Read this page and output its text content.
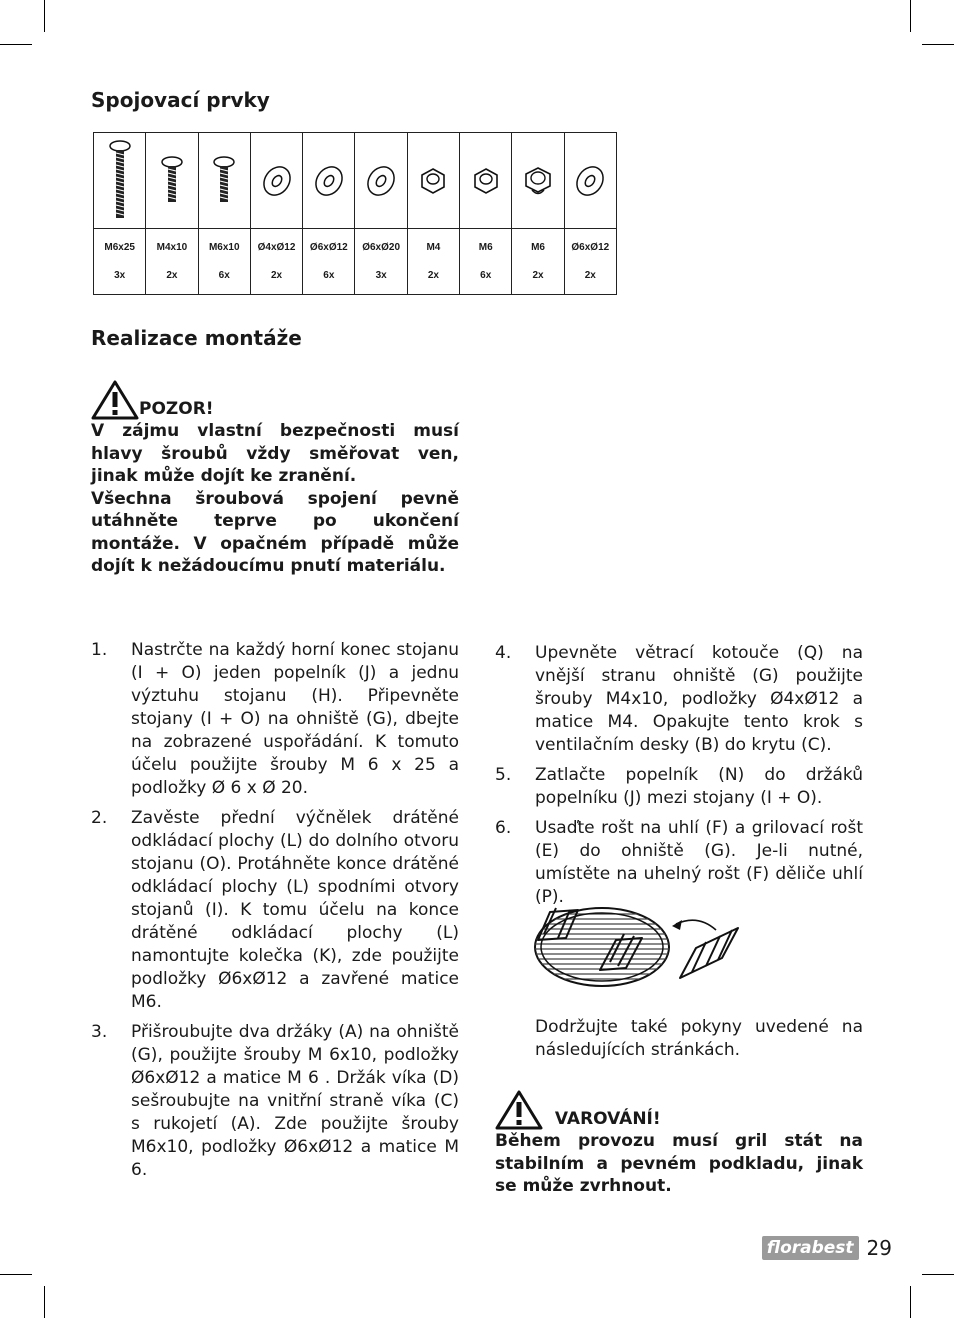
Spojovací prvky
M6x25
3x
M4x10
2x
M6x10
6x
Ø4xØ12
2x
Ø6xØ12
6x
Ø6xØ20
3x
M4
2x
M6
6x
M6
2x
Ø6xØ12
2x
Realizace montáže
POZOR!

V zájmu vlastní bezpečnosti musí hlavy šroubů vždy směřovat ven, jinak může dojít ke zranění.

Všechna šroubová spojení pevně utáhněte teprve po ukončení montáže. V opačném případě může dojít k nežádoucímu pnutí materiálu.

1. Nastrčte na každý horní konec stojanu (I + O) jeden popelník (J) a jednu výztuhu stojanu (H). Připevněte stojany (I + O) na ohniště (G), dbejte na zobrazené uspořádání. K tomuto účelu použijte šrouby M 6 x 25 a podložky Ø 6 x Ø 20.
2. Zavěste přední výčnělek drátěné odkládací plochy (L) do dolního otvoru stojanu (O). Protáhněte konce drátěné odkládací plochy (L) spodními otvory stojanů (I). K tomu účelu na konce drátěné odkládací plochy (L) namontujte kolečka (K), zde použijte podložky Ø6xØ12 a zavřené matice M6.
3. Přišroubujte dva držáky (A) na ohniště (G), použijte šrouby M 6x10, podložky Ø6xØ12 a matice M 6 . Držák víka (D) sešroubujte na vnitřní straně víka (C) s rukojetí (A). Zde použijte šrouby M6x10, podložky Ø6xØ12 a matice M 6.
4. Upevněte větrací kotouče (Q) na vnější stranu ohniště (G) použijte šrouby M4x10, podložky Ø4xØ12 a matice M4. Opakujte tento krok s ventilačním desky (B) do krytu (C).
5. Zatlačte popelník (N) do držáků popelníku (J) mezi stojany (I + O).
6. Usaďte rošt na uhlí (F) a grilovací rošt (E) do ohniště (G). Je-li nutné, umístěte na uhelný rošt (F) děliče uhlí (P).

Dodržujte také pokyny uvedené na následujících stránkách.

VAROVÁNÍ!

Během provozu musí gril stát na stabilním a pevném podkladu, jinak se může zvrhnout.

florabest 29
